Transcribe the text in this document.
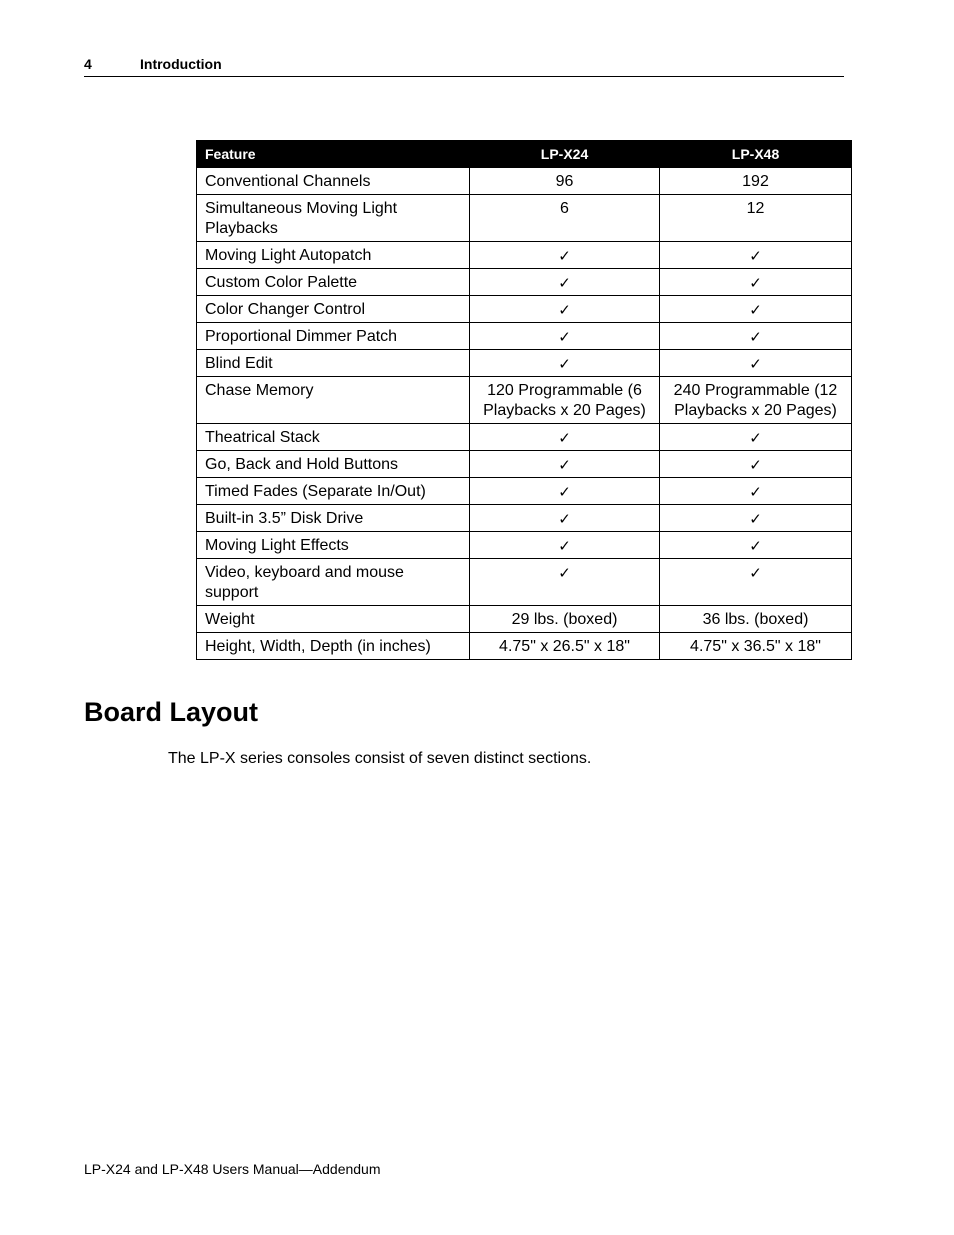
4	Introduction
Feature	LP-X24	LP-X48
Conventional Channels	96	192
Simultaneous Moving Light Playbacks	6	12
Moving Light Autopatch	✓	✓
Custom Color Palette	✓	✓
Color Changer Control	✓	✓
Proportional Dimmer Patch	✓	✓
Blind Edit	✓	✓
Chase Memory	120 Programmable (6 Playbacks x 20 Pages)	240 Programmable (12 Playbacks x 20 Pages)
Theatrical Stack	✓	✓
Go, Back and Hold Buttons	✓	✓
Timed Fades (Separate In/Out)	✓	✓
Built-in 3.5” Disk Drive	✓	✓
Moving Light Effects	✓	✓
Video, keyboard and mouse support	✓	✓
Weight	29 lbs. (boxed)	36 lbs. (boxed)
Height, Width, Depth (in inches)	4.75" x 26.5" x 18"	4.75" x 36.5" x 18"
Board Layout

The LP-X series consoles consist of seven distinct sections.

LP-X24 and LP-X48 Users Manual—Addendum
